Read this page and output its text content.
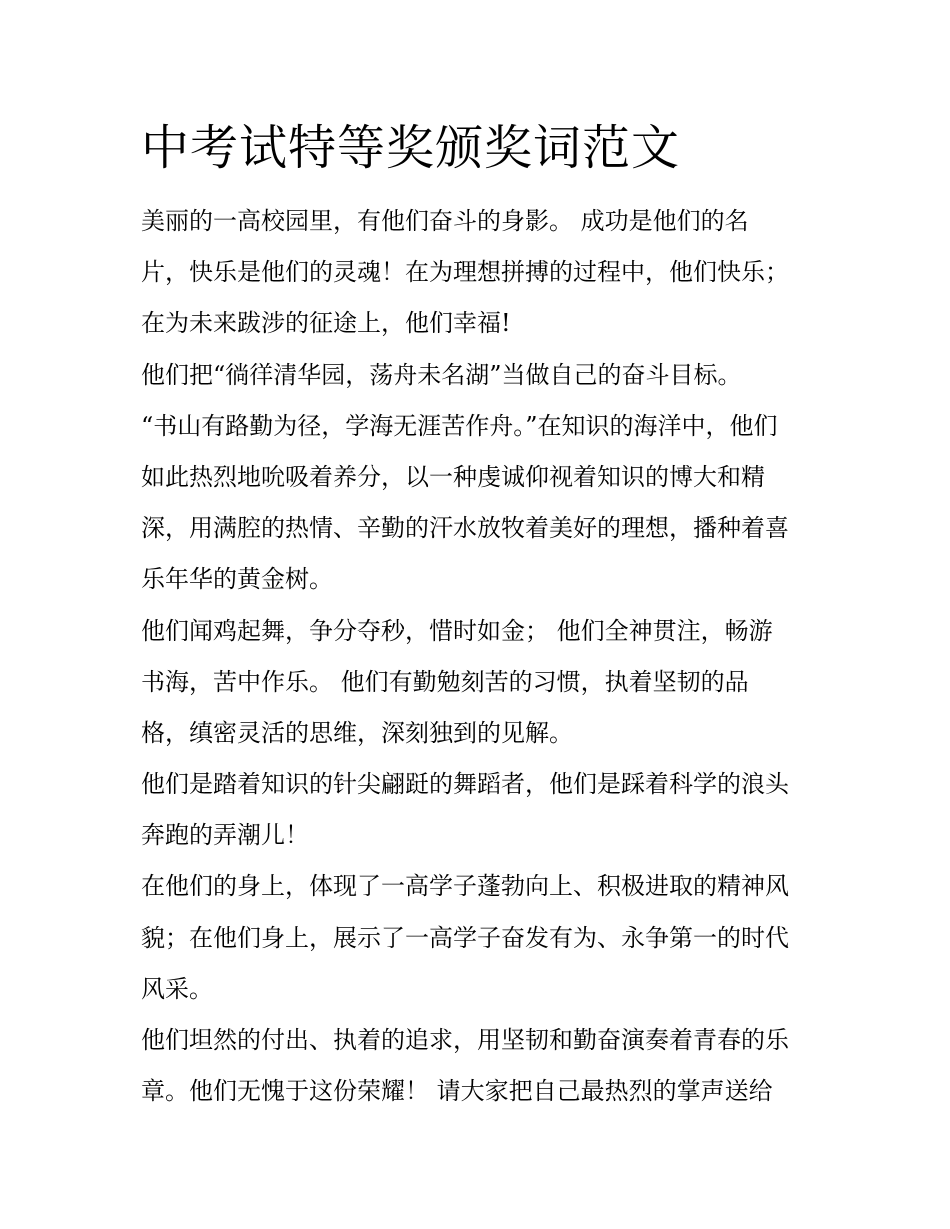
中考试特等奖颁奖词范文
美丽的一高校园里，有他们奋斗的身影。 成功是他们的名
片，快乐是他们的灵魂！在为理想拼搏的过程中，他们快乐；
在为未来跋涉的征途上，他们幸福!
他们把“徜徉清华园，荡舟未名湖”当做自己的奋斗目标。
“书山有路勤为径，学海无涯苦作舟。”在知识的海洋中，他们
如此热烈地吮吸着养分，以一种虔诚仰视着知识的博大和精
深，用满腔的热情、辛勤的汗水放牧着美好的理想，播种着喜
乐年华的黄金树。
他们闻鸡起舞，争分夺秒，惜时如金； 他们全神贯注，畅游
书海，苦中作乐。 他们有勤勉刻苦的习惯，执着坚韧的品
格，缜密灵活的思维，深刻独到的见解。
他们是踏着知识的针尖翩跹的舞蹈者，他们是踩着科学的浪头
奔跑的弄潮儿！
在他们的身上，体现了一高学子蓬勃向上、积极进取的精神风
貌；在他们身上，展示了一高学子奋发有为、永争第一的时代
风采。
他们坦然的付出、执着的追求，用坚韧和勤奋演奏着青春的乐
章。他们无愧于这份荣耀！ 请大家把自己最热烈的掌声送给
